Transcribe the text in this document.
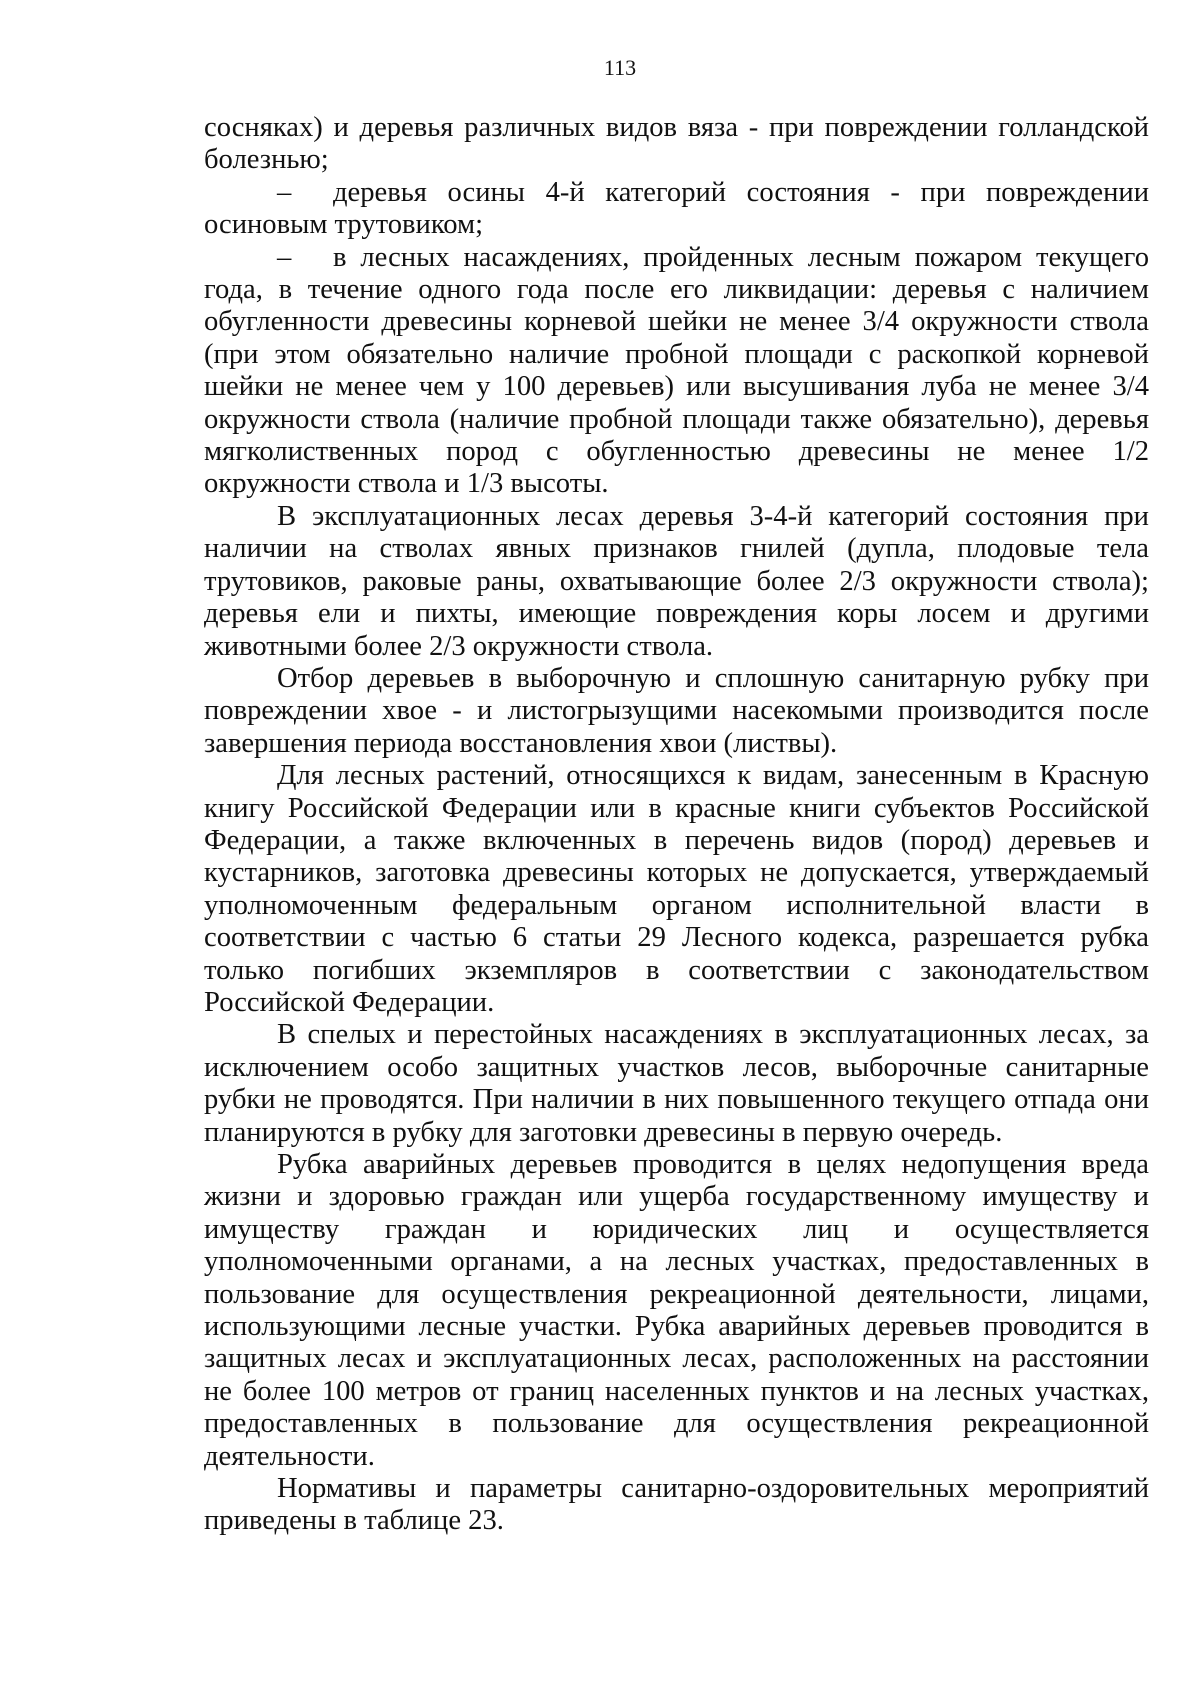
113

сосняках) и деревья различных видов вяза - при повреждении голландской болезнью;

– деревья осины 4-й категорий состояния - при повреждении осиновым трутовиком;

– в лесных насаждениях, пройденных лесным пожаром текущего года, в течение одного года после его ликвидации: деревья с наличием обугленности древесины корневой шейки не менее 3/4 окружности ствола (при этом обязательно наличие пробной площади с раскопкой корневой шейки не менее чем у 100 деревьев) или высушивания луба не менее 3/4 окружности ствола (наличие пробной площади также обязательно), деревья мягколиственных пород с обугленностью древесины не менее 1/2 окружности ствола и 1/3 высоты.

В эксплуатационных лесах деревья 3-4-й категорий состояния при наличии на стволах явных признаков гнилей (дупла, плодовые тела трутовиков, раковые раны, охватывающие более 2/3 окружности ствола); деревья ели и пихты, имеющие повреждения коры лосем и другими животными более 2/3 окружности ствола.

Отбор деревьев в выборочную и сплошную санитарную рубку при повреждении хвое - и листогрызущими насекомыми производится после завершения периода восстановления хвои (листвы).

Для лесных растений, относящихся к видам, занесенным в Красную книгу Российской Федерации или в красные книги субъектов Российской Федерации, а также включенных в перечень видов (пород) деревьев и кустарников, заготовка древесины которых не допускается, утверждаемый уполномоченным федеральным органом исполнительной власти в соответствии с частью 6 статьи 29 Лесного кодекса, разрешается рубка только погибших экземпляров в соответствии с законодательством Российской Федерации.

В спелых и перестойных насаждениях в эксплуатационных лесах, за исключением особо защитных участков лесов, выборочные санитарные рубки не проводятся. При наличии в них повышенного текущего отпада они планируются в рубку для заготовки древесины в первую очередь.

Рубка аварийных деревьев проводится в целях недопущения вреда жизни и здоровью граждан или ущерба государственному имуществу и имуществу граждан и юридических лиц и осуществляется уполномоченными органами, а на лесных участках, предоставленных в пользование для осуществления рекреационной деятельности, лицами, использующими лесные участки. Рубка аварийных деревьев проводится в защитных лесах и эксплуатационных лесах, расположенных на расстоянии не более 100 метров от границ населенных пунктов и на лесных участках, предоставленных в пользование для осуществления рекреационной деятельности.

Нормативы и параметры санитарно-оздоровительных мероприятий приведены в таблице 23.
